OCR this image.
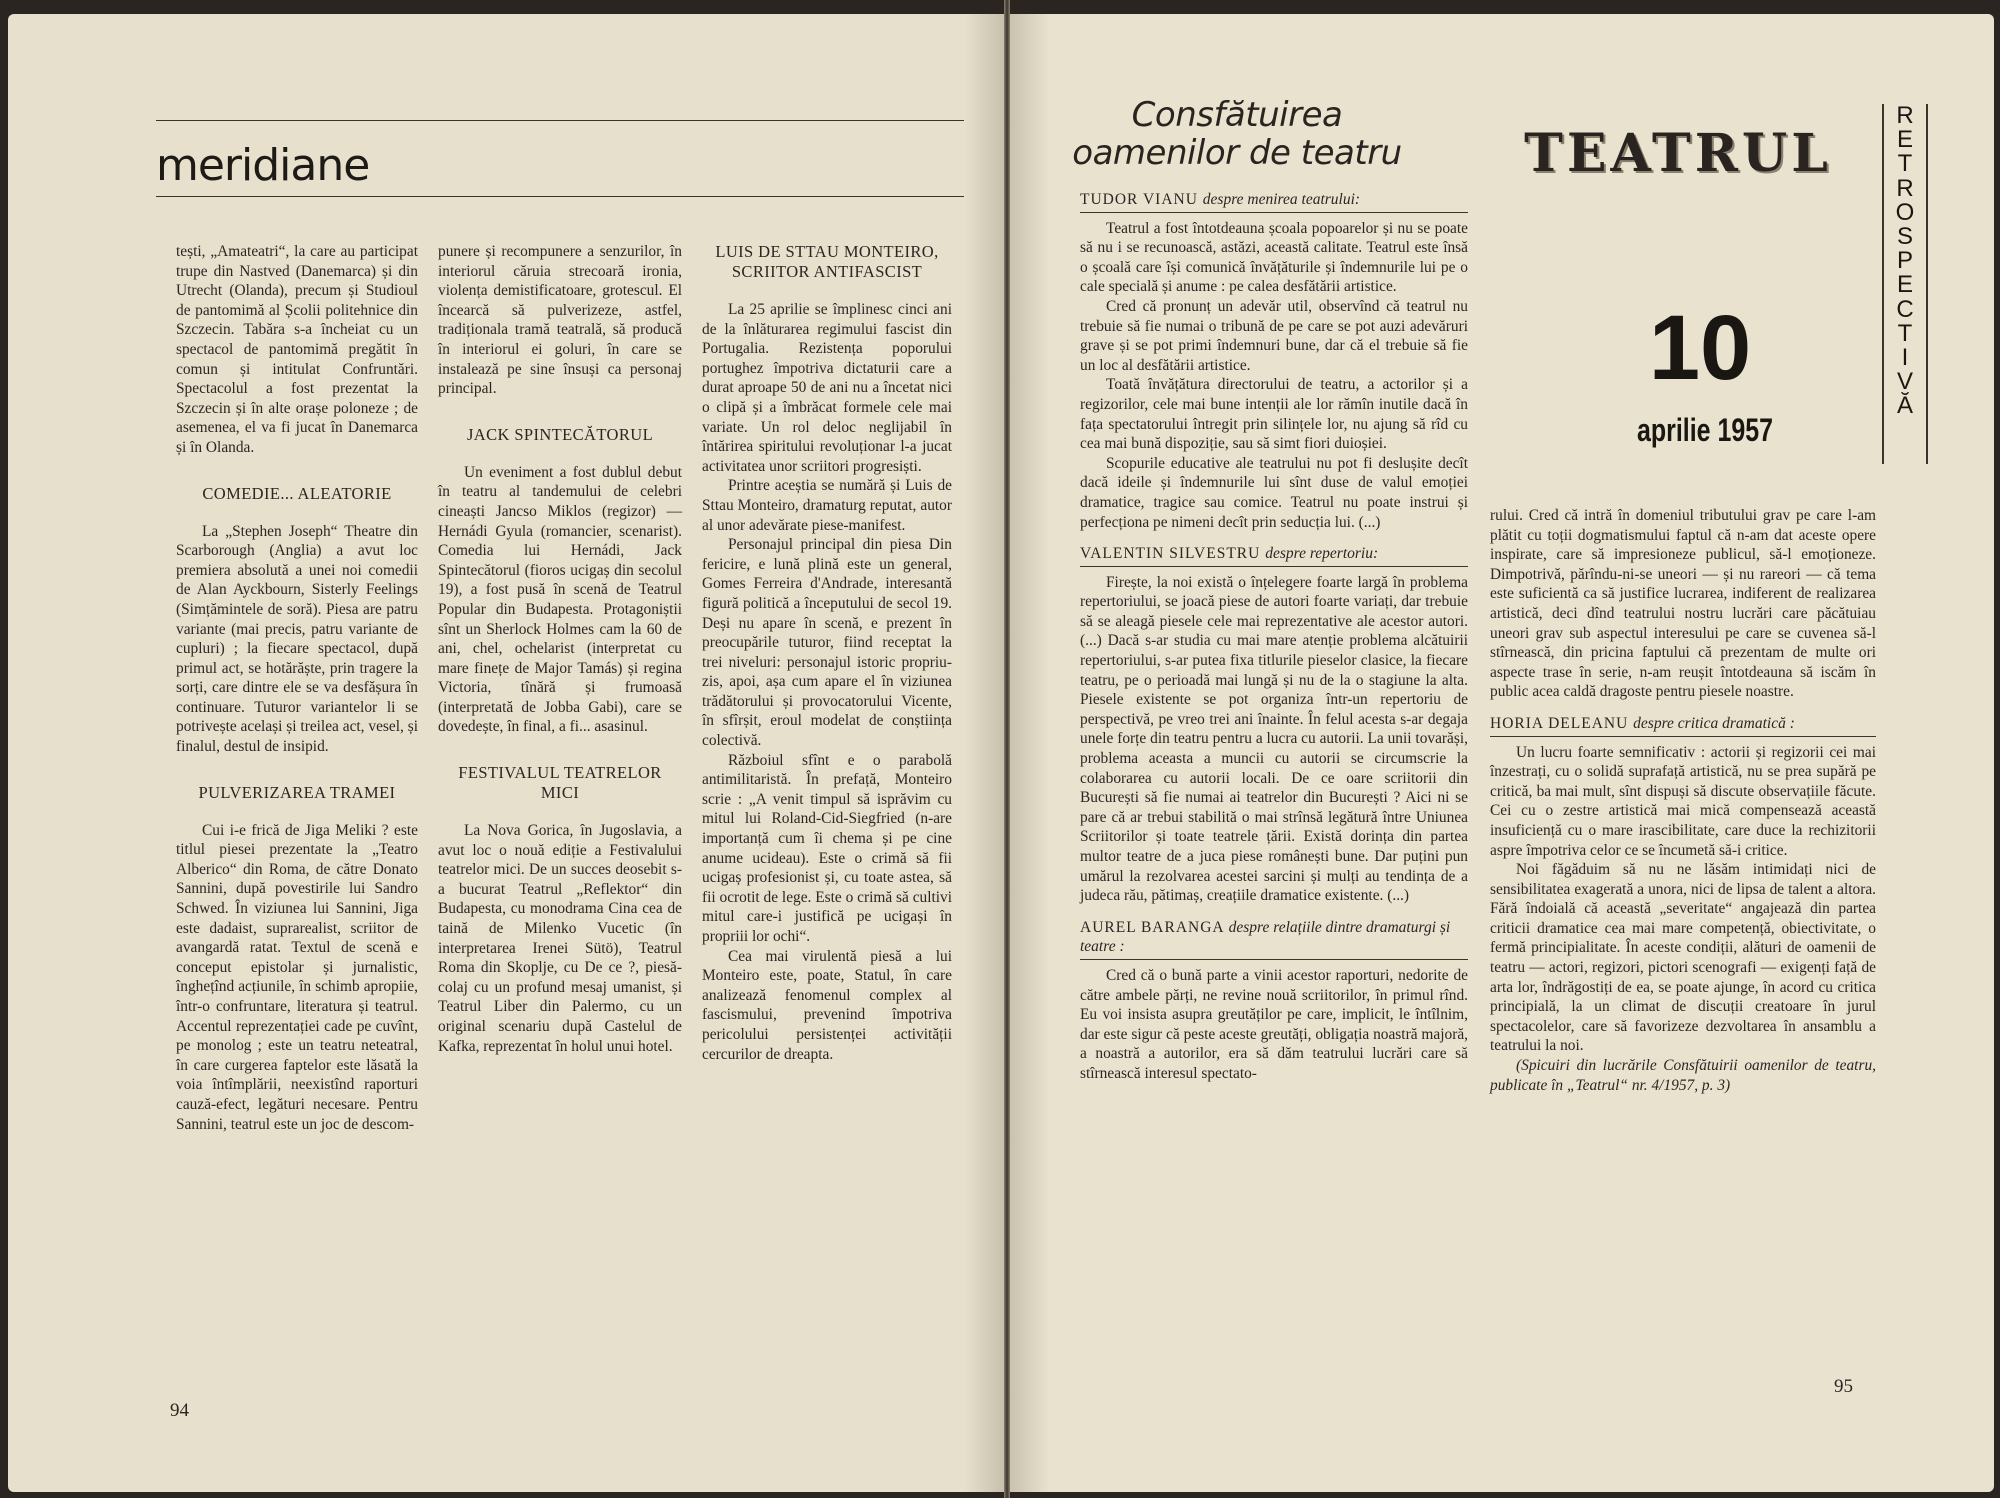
meridiane

tești, „Amateatri“, la care au participat trupe din Nastved (Danemarca) și din Utrecht (Olanda), precum și Studioul de pantomimă al Școlii politehnice din Szczecin. Tabăra s-a încheiat cu un spectacol de pantomimă pregătit în comun și intitulat Confruntări. Spectacolul a fost prezentat la Szczecin și în alte orașe poloneze ; de asemenea, el va fi jucat în Danemarca și în Olanda.

COMEDIE... ALEATORIE

La „Stephen Joseph“ Theatre din Scarborough (Anglia) a avut loc premiera absolută a unei noi comedii de Alan Ayckbourn, Sisterly Feelings (Simțămintele de soră). Piesa are patru variante (mai precis, patru variante de cupluri) ; la fiecare spectacol, după primul act, se hotărăște, prin tragere la sorți, care dintre ele se va desfășura în continuare. Tuturor variantelor li se potrivește același și treilea act, vesel, și finalul, destul de insipid.

PULVERIZAREA TRAMEI

Cui i-e frică de Jiga Meliki ? este titlul piesei prezentate la „Teatro Alberico“ din Roma, de către Donato Sannini, după povestirile lui Sandro Schwed. În viziunea lui Sannini, Jiga este dadaist, suprarealist, scriitor de avangardă ratat. Textul de scenă e conceput epistolar și jurnalistic, înghețînd acțiunile, în schimb apropiie, într-o confruntare, literatura și teatrul. Accentul reprezentației cade pe cuvînt, pe monolog ; este un teatru neteatral, în care curgerea faptelor este lăsată la voia întîmplării, neexistînd raporturi cauză-efect, legături necesare. Pentru Sannini, teatrul este un joc de descom-

punere și recompunere a senzurilor, în interiorul căruia strecoară ironia, violența demistificatoare, grotescul. El încearcă să pulverizeze, astfel, tradiționala tramă teatrală, să producă în interiorul ei goluri, în care se instalează pe sine însuși ca personaj principal.

JACK SPINTECĂTORUL

Un eveniment a fost dublul debut în teatru al tandemului de celebri cineaști Jancso Miklos (regizor) — Hernádi Gyula (romancier, scenarist). Comedia lui Hernádi, Jack Spintecătorul (fioros ucigaș din secolul 19), a fost pusă în scenă de Teatrul Popular din Budapesta. Protagoniștii sînt un Sherlock Holmes cam la 60 de ani, chel, ochelarist (interpretat cu mare finețe de Major Tamás) și regina Victoria, tînără și frumoasă (interpretată de Jobba Gabi), care se dovedește, în final, a fi... asasinul.

FESTIVALUL TEATRELOR MICI

La Nova Gorica, în Jugoslavia, a avut loc o nouă ediție a Festivalului teatrelor mici. De un succes deosebit s-a bucurat Teatrul „Reflektor“ din Budapesta, cu monodrama Cina cea de taină de Milenko Vucetic (în interpretarea Irenei Sütö), Teatrul Roma din Skoplje, cu De ce ?, piesă-colaj cu un profund mesaj umanist, și Teatrul Liber din Palermo, cu un original scenariu după Castelul de Kafka, reprezentat în holul unui hotel.

LUIS DE STTAU MONTEIRO, SCRIITOR ANTIFASCIST

La 25 aprilie se împlinesc cinci ani de la înlăturarea regimului fascist din Portugalia. Rezistența poporului portughez împotriva dictaturii care a durat aproape 50 de ani nu a încetat nici o clipă și a îmbrăcat formele cele mai variate. Un rol deloc neglijabil în întărirea spiritului revoluționar l-a jucat activitatea unor scriitori progresiști.

Printre aceștia se numără și Luis de Sttau Monteiro, dramaturg reputat, autor al unor adevărate piese-manifest.

Personajul principal din piesa Din fericire, e lună plină este un general, Gomes Ferreira d'Andrade, interesantă figură politică a începutului de secol 19. Deși nu apare în scenă, e prezent în preocupările tuturor, fiind receptat la trei niveluri: personajul istoric propriu-zis, apoi, așa cum apare el în viziunea trădătorului și provocatorului Vicente, în sfîrșit, eroul modelat de conștiința colectivă.

Războiul sfînt e o parabolă antimilitaristă. În prefață, Monteiro scrie : „A venit timpul să isprăvim cu mitul lui Roland-Cid-Siegfried (n-are importanță cum îi chema și pe cine anume ucideau). Este o crimă să fii ucigaș profesionist și, cu toate astea, să fii ocrotit de lege. Este o crimă să cultivi mitul care-i justifică pe ucigași în propriii lor ochi“.

Cea mai virulentă piesă a lui Monteiro este, poate, Statul, în care analizează fenomenul complex al fascismului, prevenind împotriva pericolului persistenței activității cercurilor de dreapta.

94
Consfătuirea oamenilor de teatru	TEATRUL
10
aprilie 1957
R
E
T
R
O
S
P
E
C
T
I
V
Ă
TUDOR VIANU despre menirea teatrului:

Teatrul a fost întotdeauna școala popoarelor și nu se poate să nu i se recunoască, astăzi, această calitate. Teatrul este însă o școală care își comunică învățăturile și îndemnurile lui pe o cale specială și anume : pe calea desfătării artistice.

Cred că pronunț un adevăr util, observînd că teatrul nu trebuie să fie numai o tribună de pe care se pot auzi adevăruri grave și se pot primi îndemnuri bune, dar că el trebuie să fie un loc al desfătării artistice.

Toată învățătura directorului de teatru, a actorilor și a regizorilor, cele mai bune intenții ale lor rămîn inutile dacă în fața spectatorului întregit prin silințele lor, nu ajung să rîd cu cea mai bună dispoziție, sau să simt fiori duioșiei.

Scopurile educative ale teatrului nu pot fi deslușite decît dacă ideile și îndemnurile lui sînt duse de valul emoției dramatice, tragice sau comice. Teatrul nu poate instrui și perfecționa pe nimeni decît prin seducția lui. (...)

VALENTIN SILVESTRU despre repertoriu:

Firește, la noi există o înțelegere foarte largă în problema repertoriului, se joacă piese de autori foarte variați, dar trebuie să se aleagă piesele cele mai reprezentative ale acestor autori. (...) Dacă s-ar studia cu mai mare atenție problema alcătuirii repertoriului, s-ar putea fixa titlurile pieselor clasice, la fiecare teatru, pe o perioadă mai lungă și nu de la o stagiune la alta. Piesele existente se pot organiza într-un repertoriu de perspectivă, pe vreo trei ani înainte. În felul acesta s-ar degaja unele forțe din teatru pentru a lucra cu autorii. La unii tovarăși, problema aceasta a muncii cu autorii se circumscrie la colaborarea cu autorii locali. De ce oare scriitorii din București să fie numai ai teatrelor din București ? Aici ni se pare că ar trebui stabilită o mai strînsă legătură între Uniunea Scriitorilor și toate teatrele țării. Există dorința din partea multor teatre de a juca piese românești bune. Dar puțini pun umărul la rezolvarea acestei sarcini și mulți au tendința de a judeca rău, pătimaș, creațiile dramatice existente. (...)

AUREL BARANGA despre relațiile dintre dramaturgi și teatre :

Cred că o bună parte a vinii acestor raporturi, nedorite de către ambele părți, ne revine nouă scriitorilor, în primul rînd. Eu voi insista asupra greutăților pe care, implicit, le întîlnim, dar este sigur că peste aceste greutăți, obligația noastră majoră, a noastră a autorilor, era să dăm teatrului lucrări care să stîrnească interesul spectato-

rului. Cred că intră în domeniul tributului grav pe care l-am plătit cu toții dogmatismului faptul că n-am dat aceste opere inspirate, care să impresioneze publicul, să-l emoționeze. Dimpotrivă, părîndu-ni-se uneori — și nu rareori — că tema este suficientă ca să justifice lucrarea, indiferent de realizarea artistică, deci dînd teatrului nostru lucrări care păcătuiau uneori grav sub aspectul interesului pe care se cuvenea să-l stîrnească, din pricina faptului că prezentam de multe ori aspecte trase în serie, n-am reușit întotdeauna să iscăm în public acea caldă dragoste pentru piesele noastre.

HORIA DELEANU despre critica dramatică :

Un lucru foarte semnificativ : actorii și regizorii cei mai înzestrați, cu o solidă suprafață artistică, nu se prea supără pe critică, ba mai mult, sînt dispuși să discute observațiile făcute. Cei cu o zestre artistică mai mică compensează această insuficiență cu o mare irascibilitate, care duce la rechizitorii aspre împotriva celor ce se încumetă să-i critice.

Noi făgăduim să nu ne lăsăm intimidați nici de sensibilitatea exagerată a unora, nici de lipsa de talent a altora. Fără îndoială că această „severitate“ angajează din partea criticii dramatice cea mai mare competență, obiectivitate, o fermă principialitate. În aceste condiții, alături de oamenii de teatru — actori, regizori, pictori scenografi — exigenți față de arta lor, îndrăgostiți de ea, se poate ajunge, în acord cu critica principială, la un climat de discuții creatoare în jurul spectacolelor, care să favorizeze dezvoltarea în ansamblu a teatrului la noi.

(Spicuiri din lucrările Consfătuirii oamenilor de teatru, publicate în „Teatrul“ nr. 4/1957, p. 3)

95
